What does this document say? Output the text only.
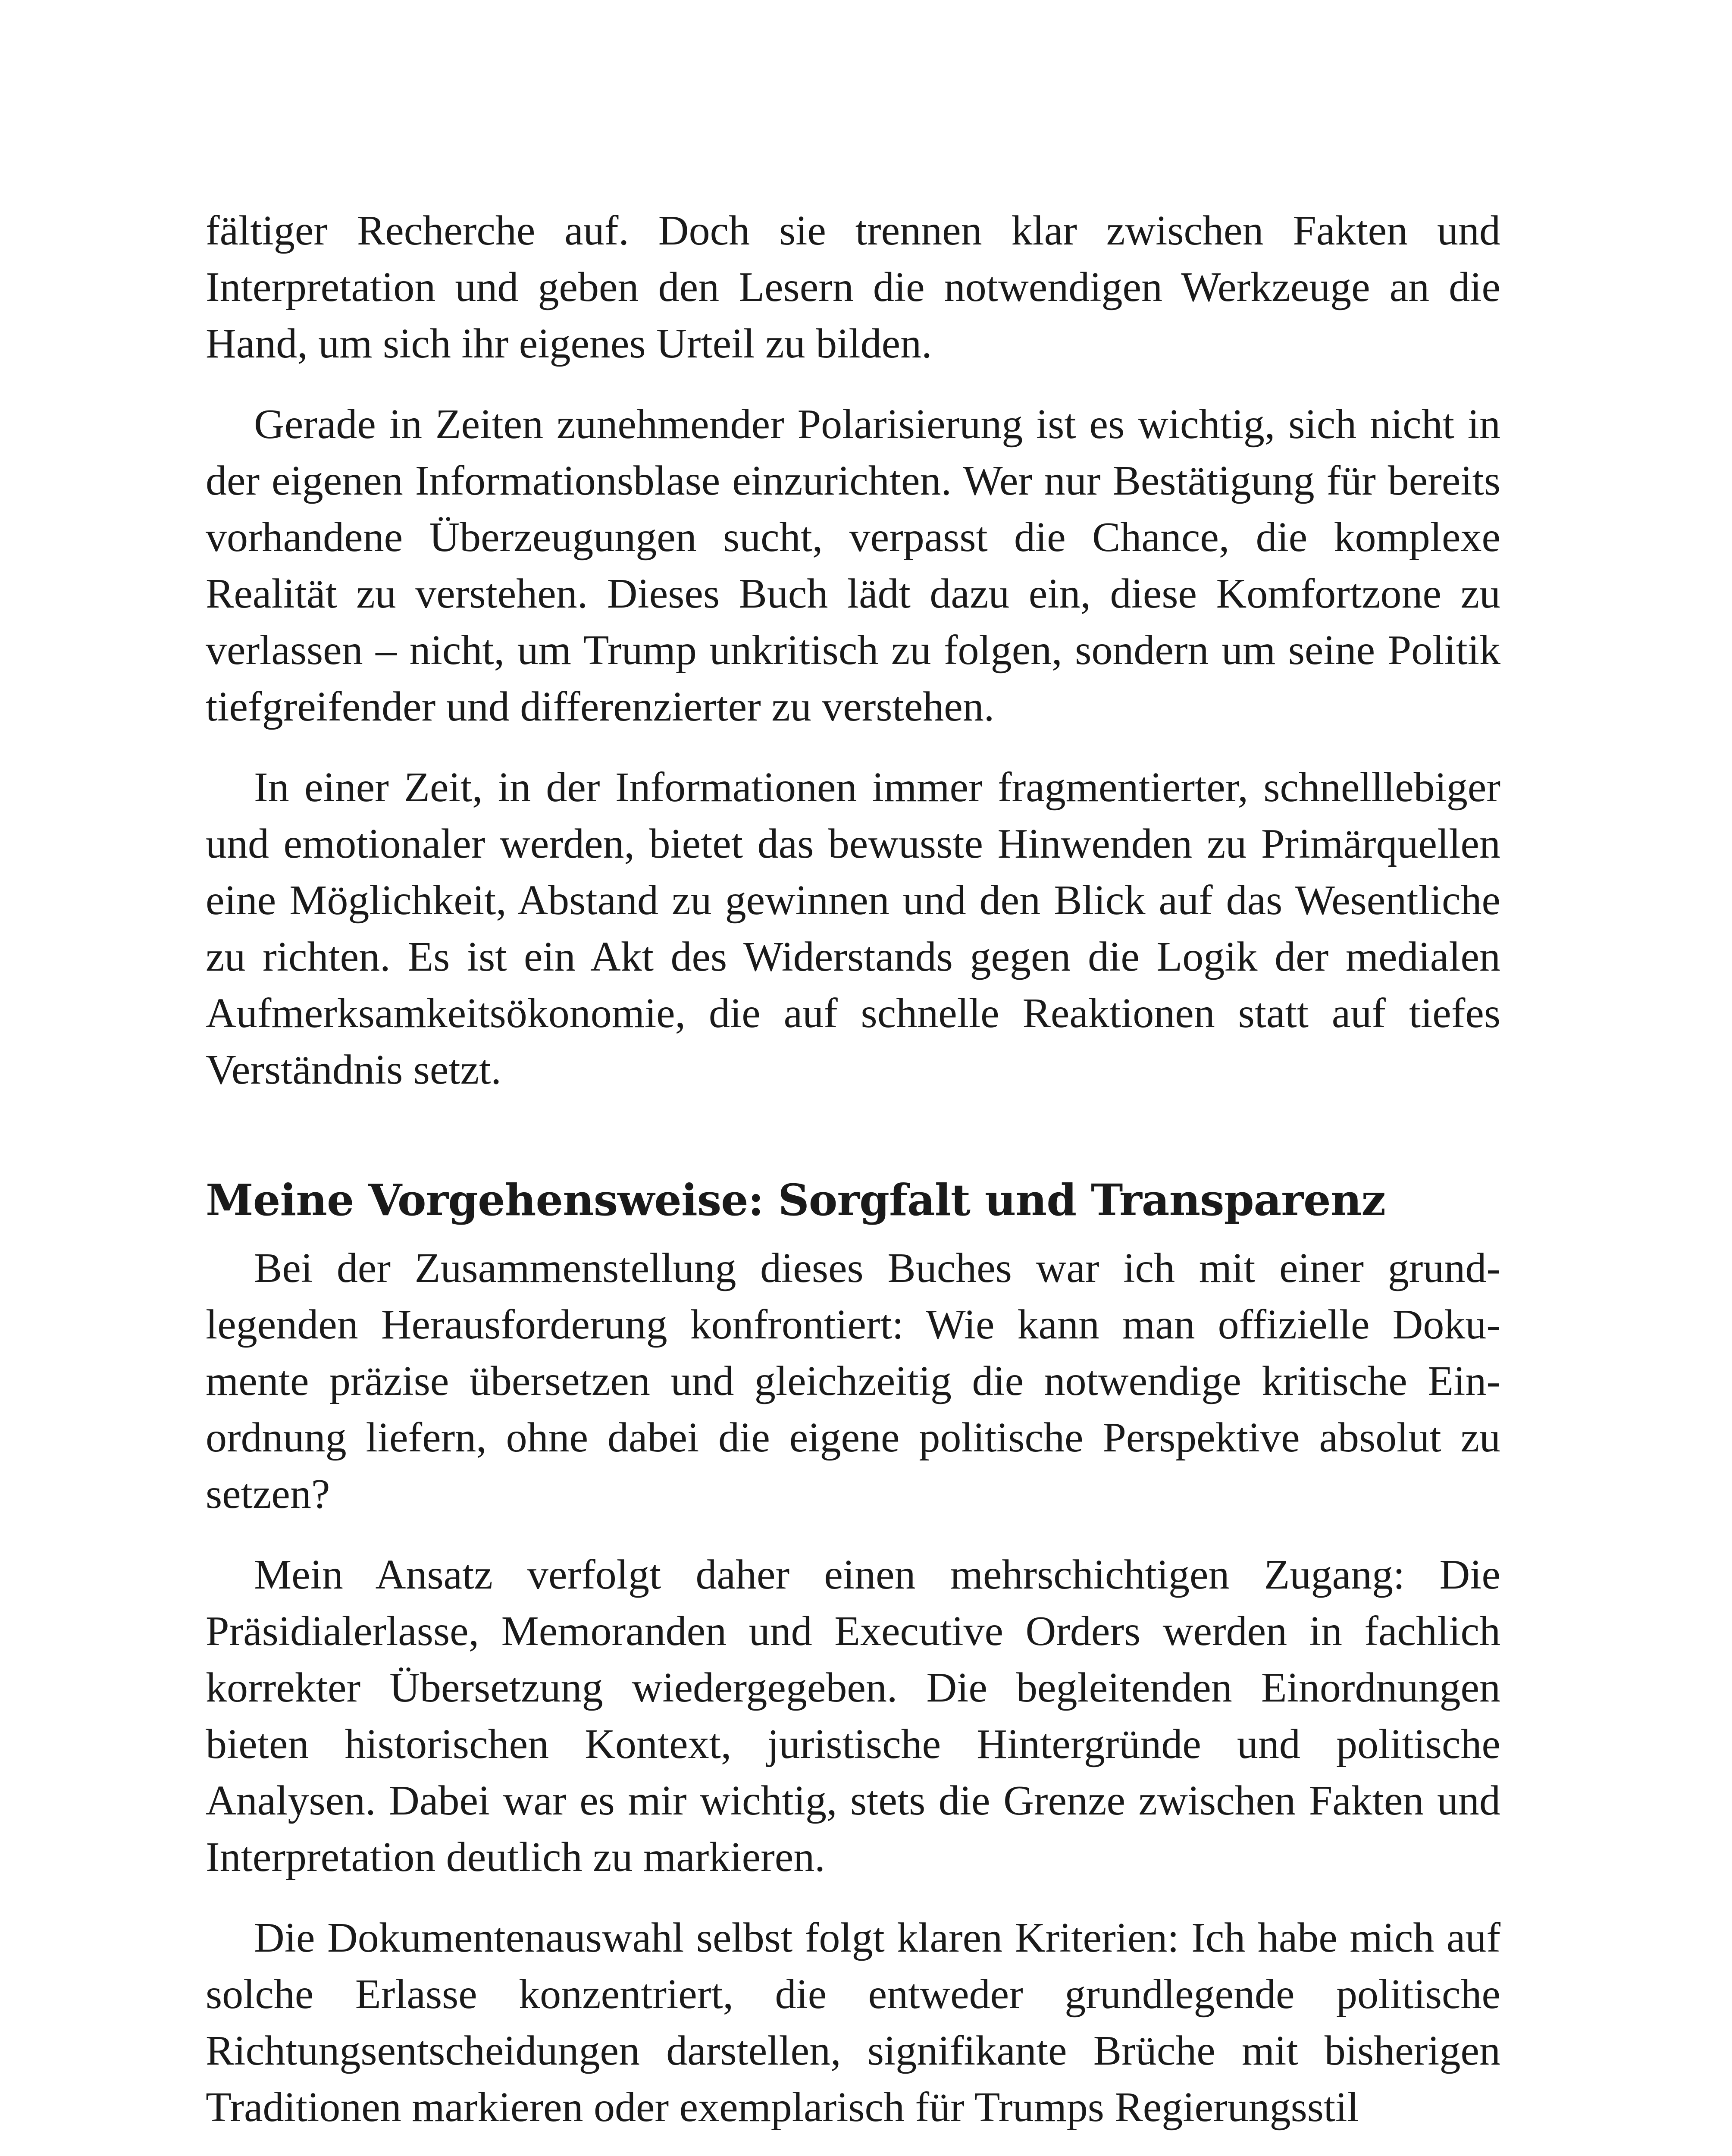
fältiger Recherche auf. Doch sie trennen klar zwischen Fakten und Interpretation und geben den Lesern die notwendigen Werkzeuge an die Hand, um sich ihr eigenes Urteil zu bilden.

Gerade in Zeiten zunehmender Polarisierung ist es wichtig, sich nicht in der eigenen Informationsblase einzurichten. Wer nur Bestätigung für bereits vorhandene Überzeugungen sucht, verpasst die Chance, die komplexe Realität zu verstehen. Dieses Buch lädt dazu ein, diese Komfortzone zu verlassen – nicht, um Trump unkritisch zu folgen, sondern um seine Politik tiefgreifender und differenzierter zu verstehen.

In einer Zeit, in der Informationen immer fragmentierter, schnelllebiger und emotionaler werden, bietet das bewusste Hinwenden zu Primärquellen eine Möglichkeit, Abstand zu gewinnen und den Blick auf das Wesentliche zu richten. Es ist ein Akt des Widerstands gegen die Logik der medialen Aufmerksamkeitsökonomie, die auf schnelle Reaktionen statt auf tiefes Verständnis setzt.

Meine Vorgehensweise: Sorgfalt und Transparenz

Bei der Zusammenstellung dieses Buches war ich mit einer grundlegenden Herausforderung konfrontiert: Wie kann man offizielle Dokumente präzise übersetzen und gleichzeitig die notwendige kritische Einordnung liefern, ohne dabei die eigene politische Perspektive absolut zu setzen?

Mein Ansatz verfolgt daher einen mehrschichtigen Zugang: Die Präsidialerlasse, Memoranden und Executive Orders werden in fachlich korrekter Übersetzung wiedergegeben. Die begleitenden Einordnungen bieten historischen Kontext, juristische Hintergründe und politische Analysen. Dabei war es mir wichtig, stets die Grenze zwischen Fakten und Interpretation deutlich zu markieren.

Die Dokumentenauswahl selbst folgt klaren Kriterien: Ich habe mich auf solche Erlasse konzentriert, die entweder grundlegende politische Richtungsentscheidungen darstellen, signifikante Brüche mit bisherigen Traditionen markieren oder exemplarisch für Trumps Regierungsstil
